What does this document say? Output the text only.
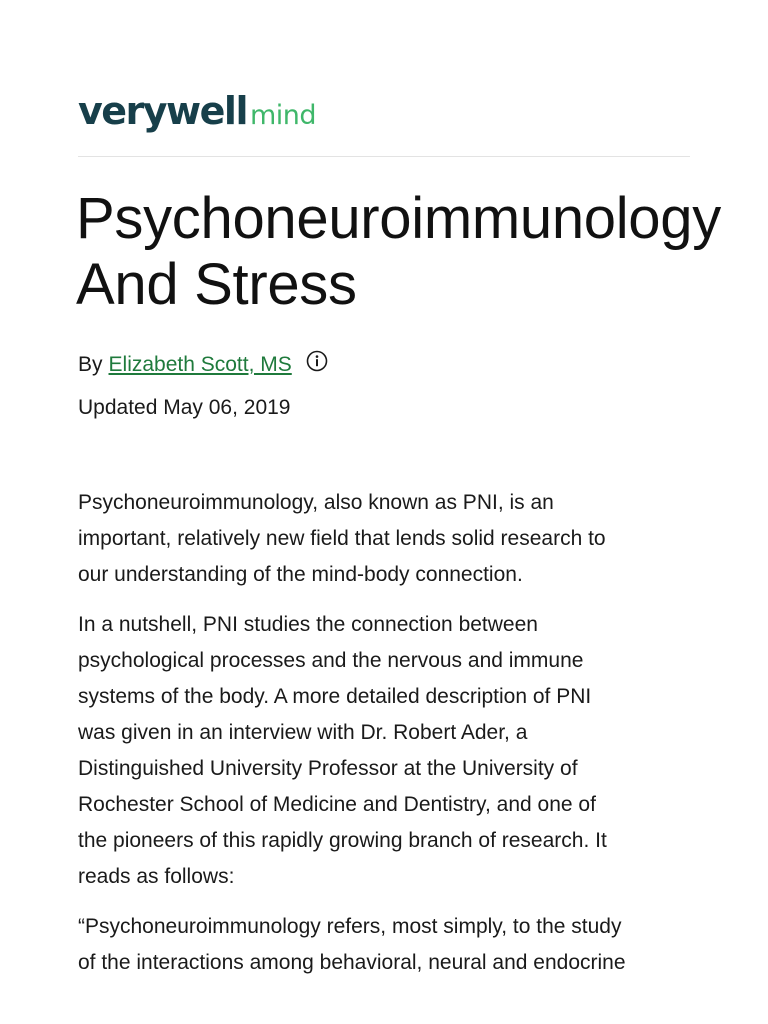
verywell mind
Psychoneuroimmunology
And Stress
By Elizabeth Scott, MS
Updated May 06, 2019

Psychoneuroimmunology, also known as PNI, is an
important, relatively new field that lends solid research to
our understanding of the mind-body connection.

In a nutshell, PNI studies the connection between
psychological processes and the nervous and immune
systems of the body. A more detailed description of PNI
was given in an interview with Dr. Robert Ader, a
Distinguished University Professor at the University of
Rochester School of Medicine and Dentistry, and one of
the pioneers of this rapidly growing branch of research. It
reads as follows:

“Psychoneuroimmunology refers, most simply, to the study
of the interactions among behavioral, neural and endocrine
